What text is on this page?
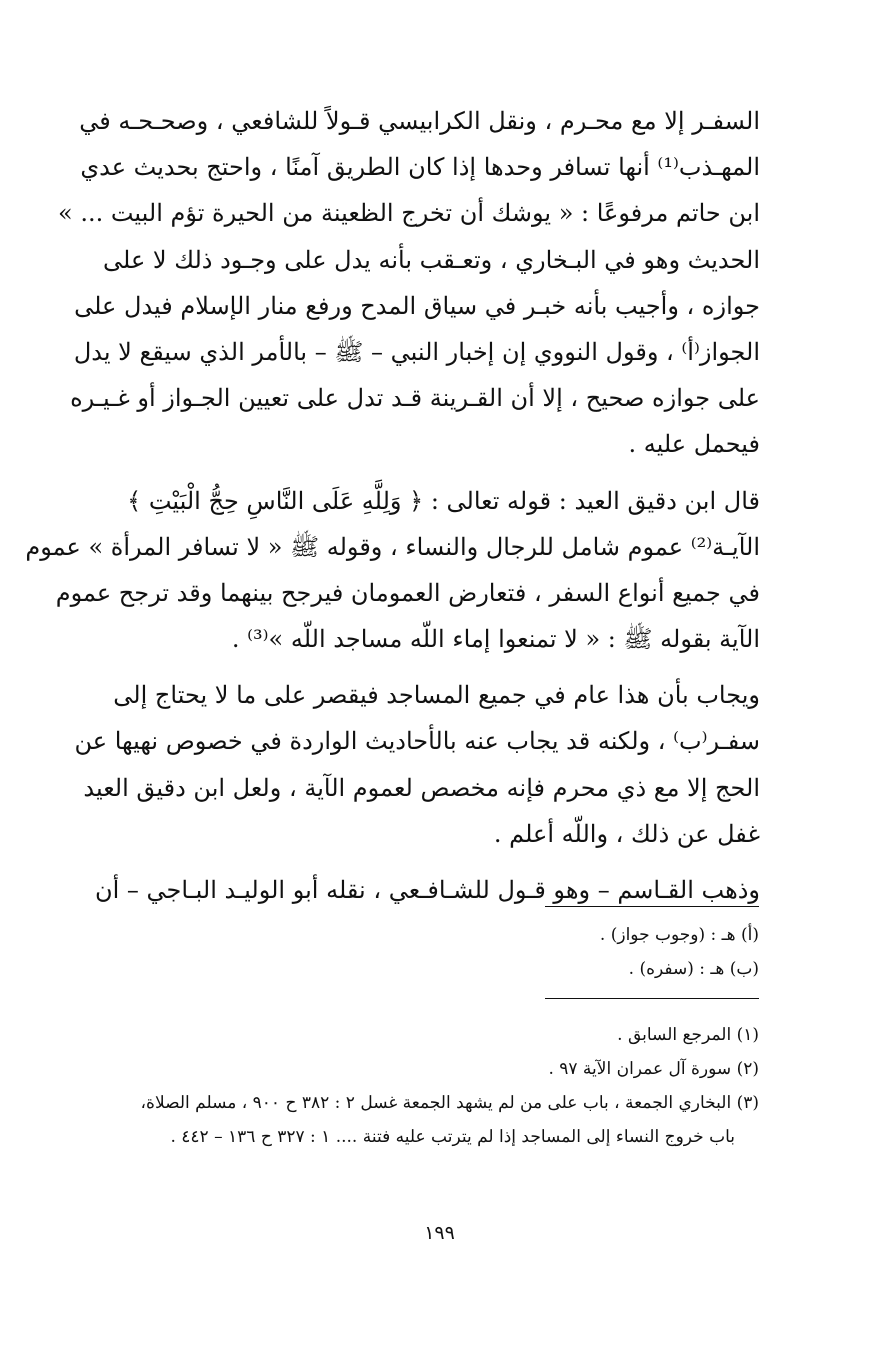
السفـر إلا مع محـرم ، ونقل الكرابيسي قـولاً للشافعي ، وصحـحـه في
المهـذب⁽¹⁾ أنها تسافر وحدها إذا كان الطريق آمنًا ، واحتج بحديث عدي
ابن حاتم مرفوعًا : « يوشك أن تخرج الظعينة من الحيرة تؤم البيت ... »
الحديث وهو في البـخاري ، وتعـقب بأنه يدل على وجـود ذلك لا على
جوازه ، وأجيب بأنه خبـر في سياق المدح ورفع منار الإسلام فيدل على
الجواز⁽أ⁾ ، وقول النووي إن إخبار النبي – ﷺ – بالأمر الذي سيقع لا يدل
على جوازه صحيح ، إلا أن القـرينة قـد تدل على تعيين الجـواز أو غـيـره
فيحمل عليه .
قال ابن دقيق العيد : قوله تعالى : ﴿ وَلِلَّهِ عَلَى النَّاسِ حِجُّ الْبَيْتِ ﴾
الآيـة⁽²⁾ عموم شامل للرجال والنساء ، وقوله ﷺ « لا تسافر المرأة » عموم
في جميع أنواع السفر ، فتعارض العمومان فيرجح بينهما وقد ترجح عموم
الآية بقوله ﷺ : « لا تمنعوا إماء اللّه مساجد اللّه »⁽³⁾ .
ويجاب بأن هذا عام في جميع المساجد فيقصر على ما لا يحتاج إلى
سفـر⁽ب⁾ ، ولكنه قد يجاب عنه بالأحاديث الواردة في خصوص نهيها عن
الحج إلا مع ذي محرم فإنه مخصص لعموم الآية ، ولعل ابن دقيق العيد
غفل عن ذلك ، واللّه أعلم .
وذهب القـاسم – وهو قـول للشـافـعي ، نقله أبو الوليـد البـاجي – أن
(أ) هـ : (وجوب جواز) .
(ب) هـ : (سفره) .
(١) المرجع السابق .
(٢) سورة آل عمران الآية ٩٧ .
(٣) البخاري الجمعة ، باب على من لم يشهد الجمعة غسل ٢ : ٣٨٢ ح ٩٠٠ ، مسلم الصلاة،
باب خروج النساء إلى المساجد إذا لم يترتب عليه فتنة .... ١ : ٣٢٧ ح ١٣٦ – ٤٤٢ .
١٩٩
